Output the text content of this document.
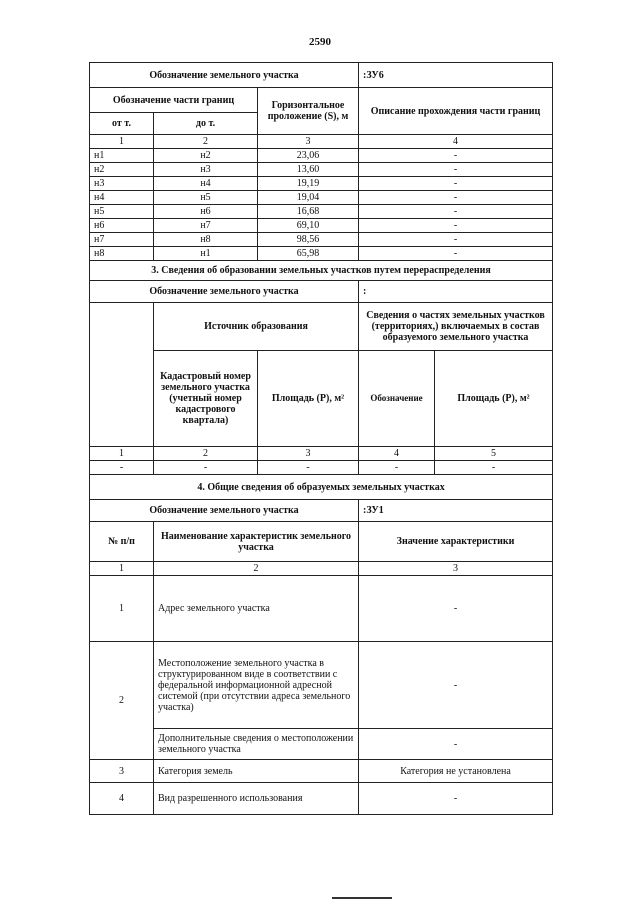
2590
Обозначение земельного участка			:ЗУ6	
Обозначение части границ		Горизонтальное проложение (S), м	Описание прохождения части границ	
от т.	до т.			
1	2	3	4	
н1	н2	23,06	-	
н2	н3	13,60	-	
н3	н4	19,19	-	
н4	н5	19,04	-	
н5	н6	16,68	-	
н6	н7	69,10	-	
н7	н8	98,56	-	
н8	н1	65,98	-	
3. Сведения об образовании земельных участков путем перераспределения				
Обозначение земельного участка			:	
	Источник образования		Сведения о частях земельных участков (территориях,) включаемых в состав образуемого земельного участка	
	Кадастровый номер земельного участка (учетный номер кадастрового квартала)	Площадь (Р), м²	Обозначение	Площадь (Р), м²
1	2	3	4	5
-	-	-	-	-
4. Общие сведения об образуемых земельных участках				
Обозначение земельного участка			:ЗУ1	
№ п/п	Наименование характеристик земельного участка		Значение характеристики	
1	2		3	
1	Адрес земельного участка		-	
2	Местоположение земельного участка в структурированном виде в соответствии с федеральной информационной адресной системой (при отсутствии адреса земельного участка)		-	
	Дополнительные сведения о местоположении земельного участка		-	
3	Категория земель		Категория не установлена	
4	Вид разрешенного использования		-	
